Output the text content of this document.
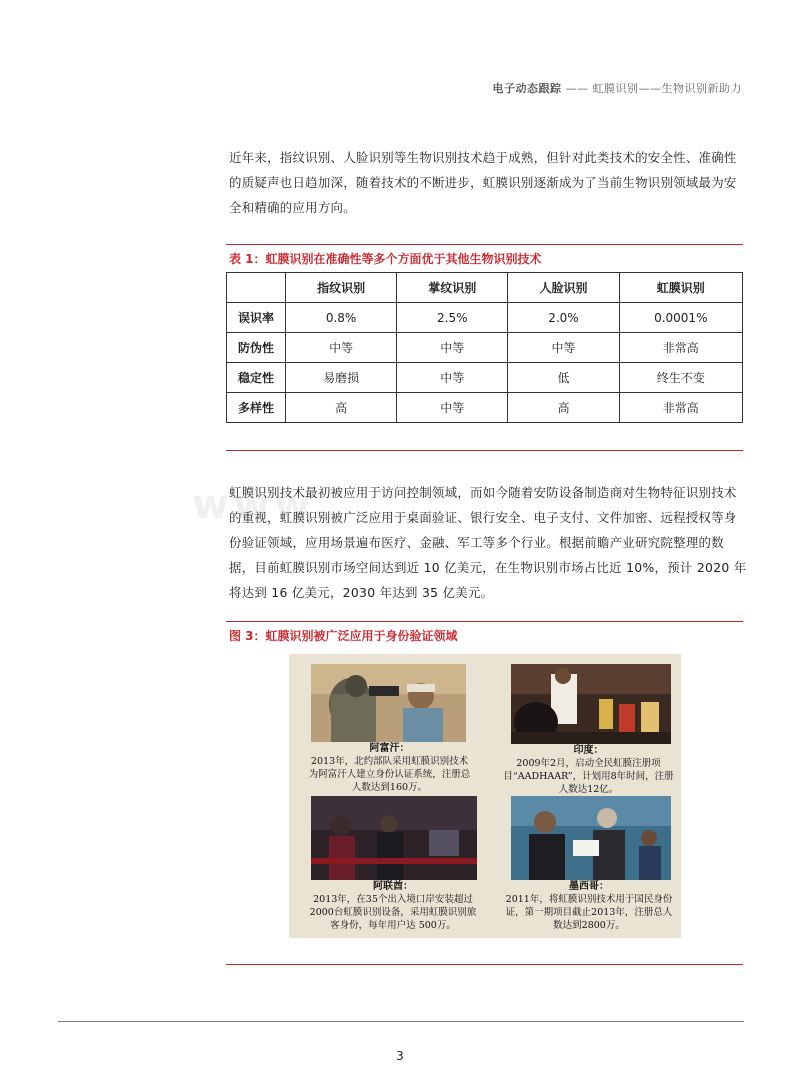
电子动态跟踪 —— 虹膜识别——生物识别新助力

近年来，指纹识别、人脸识别等生物识别技术趋于成熟，但针对此类技术的安全性、准确性的质疑声也日趋加深，随着技术的不断进步，虹膜识别逐渐成为了当前生物识别领域最为安全和精确的应用方向。

表 1：虹膜识别在准确性等多个方面优于其他生物识别技术
	指纹识别	掌纹识别	人脸识别	虹膜识别
误识率	0.8%	2.5%	2.0%	0.0001%
防伪性	中等	中等	中等	非常高
稳定性	易磨损	中等	低	终生不变
多样性	高	中等	高	非常高
www.

虹膜识别技术最初被应用于访问控制领域，而如今随着安防设备制造商对生物特征识别技术的重视，虹膜识别被广泛应用于桌面验证、银行安全、电子支付、文件加密、远程授权等身份验证领域，应用场景遍布医疗、金融、军工等多个行业。根据前瞻产业研究院整理的数据，目前虹膜识别市场空间达到近 10 亿美元，在生物识别市场占比近 10%，预计 2020 年将达到 16 亿美元，2030 年达到 35 亿美元。

图 3：虹膜识别被广泛应用于身份验证领域
阿富汗：
2013年，北约部队采用虹膜识别技术为阿富汗人建立身份认证系统，注册总人数达到160万。
印度：
2009年2月，启动全民虹膜注册项目“AADHAAR”，计划用8年时间，注册人数达12亿。
阿联酋：
2013年，在35个出入境口岸安装超过2000台虹膜识别设备，采用虹膜识别旅客身份，每年用户达 500万。
墨西哥：
2011年，将虹膜识别技术用于国民身份证，第一期项目截止2013年，注册总人数达到2800万。
3
